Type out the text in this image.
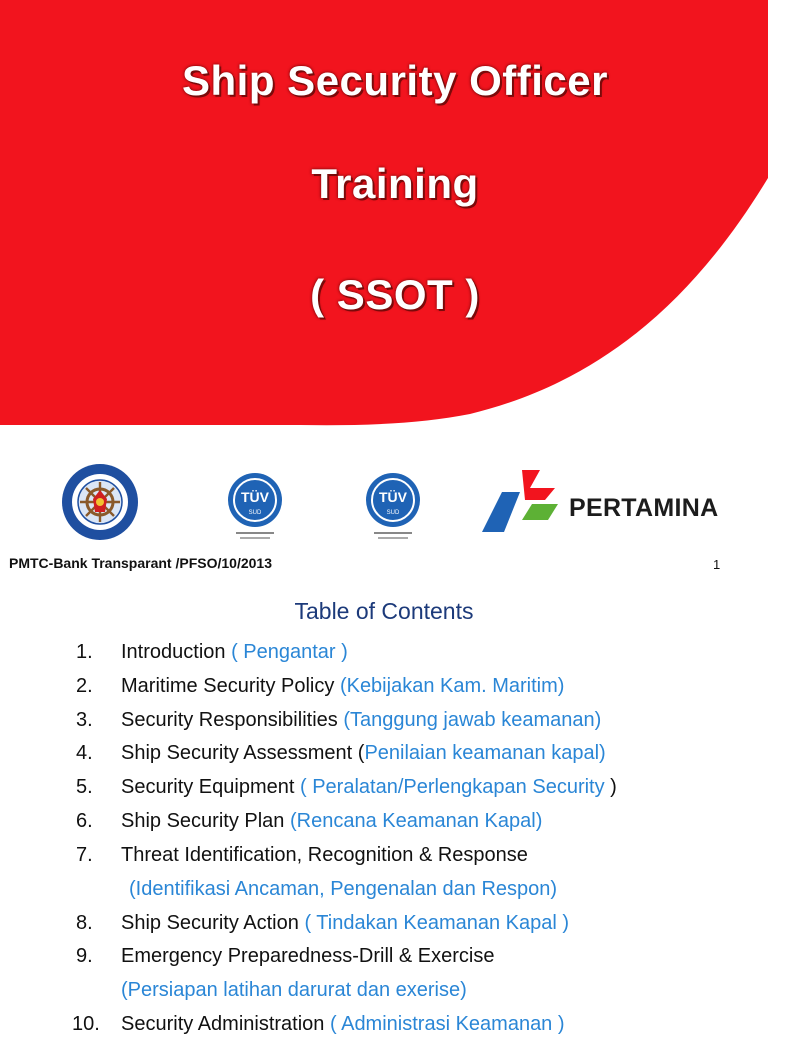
Ship Security Officer
Training
( SSOT )
TÜV
SUD
TÜV
SUD	PERTAMINA
PMTC-Bank Transparant /PFSO/10/2013	1
Table of Contents
1. Introduction ( Pengantar )
2. Maritime Security Policy (Kebijakan Kam. Maritim)
3. Security Responsibilities (Tanggung jawab keamanan)
4. Ship Security Assessment (Penilaian keamanan kapal)
5. Security Equipment ( Peralatan/Perlengkapan Security )
6. Ship Security Plan (Rencana Keamanan Kapal)
7. Threat Identification, Recognition & Response
(Identifikasi Ancaman, Pengenalan dan Respon)
8. Ship Security Action ( Tindakan Keamanan Kapal )
9. Emergency Preparedness-Drill & Exercise
(Persiapan latihan darurat dan exerise)
10. Security Administration ( Administrasi Keamanan )
